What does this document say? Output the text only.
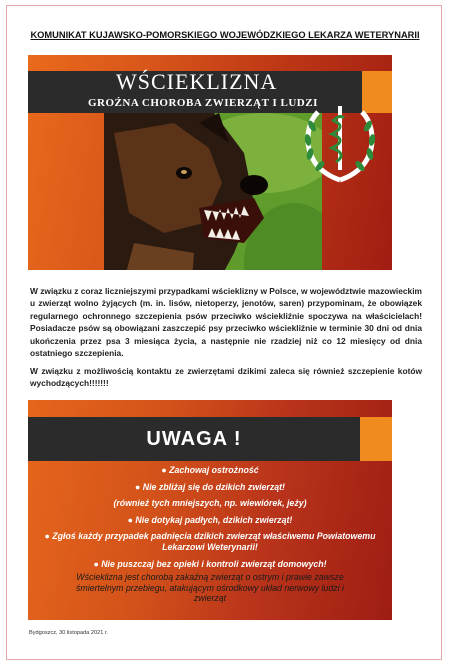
KOMUNIKAT KUJAWSKO-POMORSKIEGO WOJEWÓDZKIEGO LEKARZA WETERYNARII
WŚCIEKLIZNA
GROŹNA CHOROBA ZWIERZĄT I LUDZI
W związku z coraz liczniejszymi przypadkami wścieklizny w Polsce, w województwie mazowieckim u zwierząt wolno żyjących (m. in. lisów, nietoperzy, jenotów, saren) przypominam, że obowiązek regularnego ochronnego szczepienia psów przeciwko wściekliźnie spoczywa na właścicielach! Posiadacze psów są obowiązani zaszczepić psy przeciwko wściekliźnie w terminie 30 dni od dnia ukończenia przez psa 3 miesiąca życia, a następnie nie rzadziej niż co 12 miesięcy od dnia ostatniego szczepienia.
W związku z możliwością kontaktu ze zwierzętami dzikimi zaleca się również szczepienie kotów wychodzących!!!!!!!
UWAGA !
● Zachowaj ostrożność
● Nie zbliżaj się do dzikich zwierząt!
(również tych mniejszych, np. wiewiórek, jeży)
● Nie dotykaj padłych, dzikich zwierząt!
● Zgłoś każdy przypadek padnięcia dzikich zwierząt właściwemu Powiatowemu Lekarzowi Weterynarii!
● Nie puszczaj bez opieki i kontroli zwierząt domowych!
Wścieklizna jest chorobą zakaźną zwierząt o ostrym i prawie zawsze śmiertelnym przebiegu, atakującym ośrodkowy układ nerwowy ludzi i zwierząt
Bydgoszcz, 30 listopada 2021 r.
